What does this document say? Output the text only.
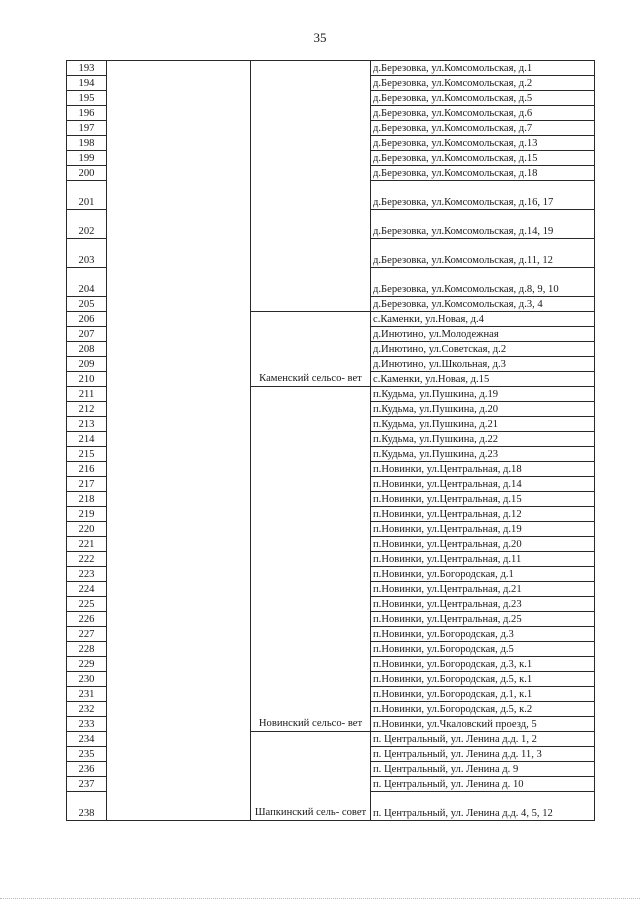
35
193			д.Березовка, ул.Комсомольская, д.1
194			д.Березовка, ул.Комсомольская, д.2
195			д.Березовка, ул.Комсомольская, д.5
196			д.Березовка, ул.Комсомольская, д.6
197			д.Березовка, ул.Комсомольская, д.7
198			д.Березовка, ул.Комсомольская, д.13
199			д.Березовка, ул.Комсомольская, д.15
200			д.Березовка, ул.Комсомольская, д.18
201			д.Березовка, ул.Комсомольская, д.16, 17
202			д.Березовка, ул.Комсомольская, д.14, 19
203			д.Березовка, ул.Комсомольская, д.11, 12
204			д.Березовка, ул.Комсомольская, д.8, 9, 10
205			д.Березовка, ул.Комсомольская, д.3, 4
206		Каменский сельсо- вет	с.Каменки, ул.Новая, д.4
207			д.Инютино, ул.Молодежная
208			д.Инютино, ул.Советская, д.2
209			д.Инютино, ул.Школьная, д.3
210			с.Каменки, ул.Новая, д.15
211		Новинский сельсо- вет	п.Кудьма, ул.Пушкина, д.19
212			п.Кудьма, ул.Пушкина, д.20
213			п.Кудьма, ул.Пушкина, д.21
214			п.Кудьма, ул.Пушкина, д.22
215			п.Кудьма, ул.Пушкина, д.23
216			п.Новинки, ул.Центральная, д.18
217			п.Новинки, ул.Центральная, д.14
218			п.Новинки, ул.Центральная, д.15
219			п.Новинки, ул.Центральная, д.12
220			п.Новинки, ул.Центральная, д.19
221			п.Новинки, ул.Центральная, д.20
222			п.Новинки, ул.Центральная, д.11
223			п.Новинки, ул.Богородская, д.1
224			п.Новинки, ул.Центральная, д.21
225			п.Новинки, ул.Центральная, д.23
226			п.Новинки, ул.Центральная, д.25
227			п.Новинки, ул.Богородская, д.3
228			п.Новинки, ул.Богородская, д.5
229			п.Новинки, ул.Богородская, д.3, к.1
230			п.Новинки, ул.Богородская, д.5, к.1
231			п.Новинки, ул.Богородская, д.1, к.1
232			п.Новинки, ул.Богородская, д.5, к.2
233			п.Новинки, ул.Чкаловский проезд, 5
234		Шапкинский сель- совет	п. Центральный, ул. Ленина д.д. 1, 2
235			п. Центральный, ул. Ленина д.д. 11, 3
236			п. Центральный, ул. Ленина д. 9
237			п. Центральный, ул. Ленина д. 10
238			п. Центральный, ул. Ленина д.д. 4, 5, 12
